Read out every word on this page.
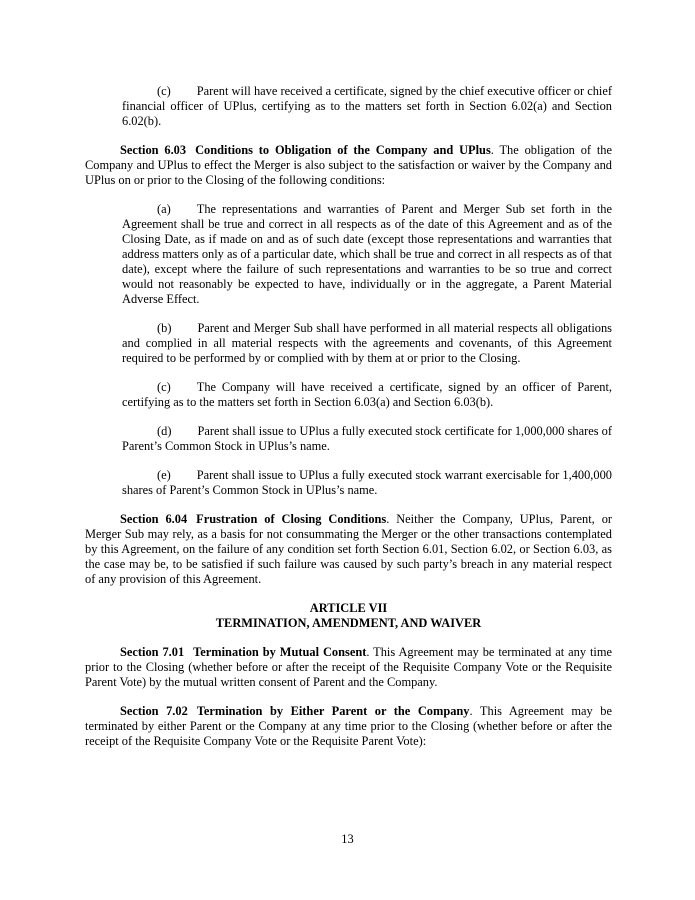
(c) Parent will have received a certificate, signed by the chief executive officer or chief financial officer of UPlus, certifying as to the matters set forth in Section 6.02(a) and Section 6.02(b).

Section 6.03 Conditions to Obligation of the Company and UPlus. The obligation of the Company and UPlus to effect the Merger is also subject to the satisfaction or waiver by the Company and UPlus on or prior to the Closing of the following conditions:

(a) The representations and warranties of Parent and Merger Sub set forth in the Agreement shall be true and correct in all respects as of the date of this Agreement and as of the Closing Date, as if made on and as of such date (except those representations and warranties that address matters only as of a particular date, which shall be true and correct in all respects as of that date), except where the failure of such representations and warranties to be so true and correct would not reasonably be expected to have, individually or in the aggregate, a Parent Material Adverse Effect.

(b) Parent and Merger Sub shall have performed in all material respects all obligations and complied in all material respects with the agreements and covenants, of this Agreement required to be performed by or complied with by them at or prior to the Closing.

(c) The Company will have received a certificate, signed by an officer of Parent, certifying as to the matters set forth in Section 6.03(a) and Section 6.03(b).

(d) Parent shall issue to UPlus a fully executed stock certificate for 1,000,000 shares of Parent’s Common Stock in UPlus’s name.

(e) Parent shall issue to UPlus a fully executed stock warrant exercisable for 1,400,000 shares of Parent’s Common Stock in UPlus’s name.

Section 6.04 Frustration of Closing Conditions. Neither the Company, UPlus, Parent, or Merger Sub may rely, as a basis for not consummating the Merger or the other transactions contemplated by this Agreement, on the failure of any condition set forth Section 6.01, Section 6.02, or Section 6.03, as the case may be, to be satisfied if such failure was caused by such party’s breach in any material respect of any provision of this Agreement.

ARTICLE VII
TERMINATION, AMENDMENT, AND WAIVER

Section 7.01 Termination by Mutual Consent. This Agreement may be terminated at any time prior to the Closing (whether before or after the receipt of the Requisite Company Vote or the Requisite Parent Vote) by the mutual written consent of Parent and the Company.

Section 7.02 Termination by Either Parent or the Company. This Agreement may be terminated by either Parent or the Company at any time prior to the Closing (whether before or after the receipt of the Requisite Company Vote or the Requisite Parent Vote):

13
